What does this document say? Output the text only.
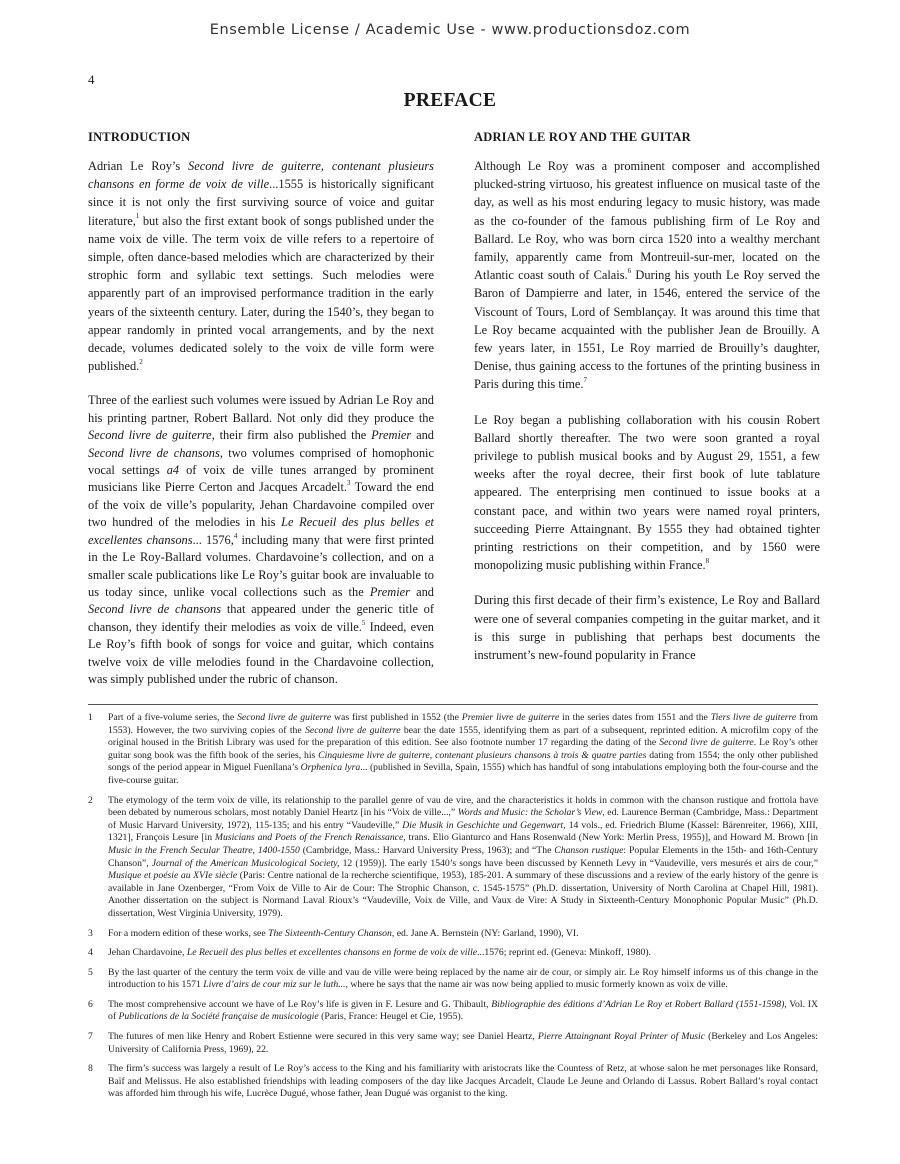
Ensemble License / Academic Use - www.productionsdoz.com
4
PREFACE
INTRODUCTION

Adrian Le Roy’s Second livre de guiterre, contenant plusieurs chansons en forme de voix de ville...1555 is historically significant since it is not only the first surviving source of voice and guitar literature,$^1$ but also the first extant book of songs published under the name voix de ville. The term voix de ville refers to a repertoire of simple, often dance-based melodies which are characterized by their strophic form and syllabic text settings. Such melodies were apparently part of an improvised performance tradition in the early years of the sixteenth century. Later, during the 1540’s, they began to appear randomly in printed vocal arrangements, and by the next decade, volumes dedicated solely to the voix de ville form were published.$^2$

Three of the earliest such volumes were issued by Adrian Le Roy and his printing partner, Robert Ballard. Not only did they produce the Second livre de guiterre, their firm also published the Premier and Second livre de chansons, two volumes comprised of homophonic vocal settings a4 of voix de ville tunes arranged by prominent musicians like Pierre Certon and Jacques Arcadelt.$^3$ Toward the end of the voix de ville’s popularity, Jehan Chardavoine compiled over two hundred of the melodies in his Le Recueil des plus belles et excellentes chansons... 1576,$^4$ including many that were first printed in the Le Roy-Ballard volumes. Chardavoine’s collection, and on a smaller scale publications like Le Roy’s guitar book are invaluable to us today since, unlike vocal collections such as the Premier and Second livre de chansons that appeared under the generic title of chanson, they identify their melodies as voix de ville.$^5$ Indeed, even Le Roy’s fifth book of songs for voice and guitar, which contains twelve voix de ville melodies found in the Chardavoine collection, was simply published under the rubric of chanson.

ADRIAN LE ROY AND THE GUITAR

Although Le Roy was a prominent composer and accomplished plucked-string virtuoso, his greatest influence on musical taste of the day, as well as his most enduring legacy to music history, was made as the co-founder of the famous publishing firm of Le Roy and Ballard. Le Roy, who was born circa 1520 into a wealthy merchant family, apparently came from Montreuil-sur-mer, located on the Atlantic coast south of Calais.$^6$ During his youth Le Roy served the Baron of Dampierre and later, in 1546, entered the service of the Viscount of Tours, Lord of Semblançay. It was around this time that Le Roy became acquainted with the publisher Jean de Brouilly. A few years later, in 1551, Le Roy married de Brouilly’s daughter, Denise, thus gaining access to the fortunes of the printing business in Paris during this time.$^7$

Le Roy began a publishing collaboration with his cousin Robert Ballard shortly thereafter. The two were soon granted a royal privilege to publish musical books and by August 29, 1551, a few weeks after the royal decree, their first book of lute tablature appeared. The enterprising men continued to issue books at a constant pace, and within two years were named royal printers, succeeding Pierre Attaingnant. By 1555 they had obtained tighter printing restrictions on their competition, and by 1560 were monopolizing music publishing within France.$^8$

During this first decade of their firm’s existence, Le Roy and Ballard were one of several companies competing in the guitar market, and it is this surge in publishing that perhaps best documents the instrument’s new-found popularity in France

1	Part of a five-volume series, the Second livre de guiterre was first published in 1552 (the Premier livre de guiterre in the series dates from 1551 and the Tiers livre de guiterre from 1553). However, the two surviving copies of the Second livre de guiterre bear the date 1555, identifying them as part of a subsequent, reprinted edition. A microfilm copy of the original housed in the British Library was used for the preparation of this edition. See also footnote number 17 regarding the dating of the Second livre de guiterre. Le Roy’s other guitar song book was the fifth book of the series, his Cinquiesme livre de guiterre, contenant plusieurs chansons à trois & quatre parties dating from 1554; the only other published songs of the period appear in Miguel Fuenllana’s Orphenica lyra... (published in Sevilla, Spain, 1555) which has handful of song intabulations employing both the four-course and the five-course guitar.
2	The etymology of the term voix de ville, its relationship to the parallel genre of vau de vire, and the characteristics it holds in common with the chanson rustique and frottola have been debated by numerous scholars, most notably Daniel Heartz [in his “Voix de ville...,” Words and Music: the Scholar’s View, ed. Laurence Berman (Cambridge, Mass.: Department of Music Harvard University, 1972), 115-135; and his entry “Vaudeville,” Die Musik in Geschichte und Gegenwart, 14 vols., ed. Friedrich Blume (Kassel: Bärenreiter, 1966), XIII, 1321], François Lesure [in Musicians and Poets of the French Renaissance, trans. Elio Gianturco and Hans Rosenwald (New York: Merlin Press, 1955)], and Howard M. Brown [in Music in the French Secular Theatre, 1400-1550 (Cambridge, Mass.: Harvard University Press, 1963); and “The Chanson rustique: Popular Elements in the 15th- and 16th-Century Chanson”, Journal of the American Musicological Society, 12 (1959)]. The early 1540’s songs have been discussed by Kenneth Levy in “Vaudeville, vers mesurés et airs de cour,” Musique et poésie au XVIe siècle (Paris: Centre national de la recherche scientifique, 1953), 185-201. A summary of these discussions and a review of the early history of the genre is available in Jane Ozenberger, “From Voix de Ville to Air de Cour: The Strophic Chanson, c. 1545-1575” (Ph.D. dissertation, University of North Carolina at Chapel Hill, 1981). Another dissertation on the subject is Normand Laval Rioux’s “Vaudeville, Voix de Ville, and Vaux de Vire: A Study in Sixteenth-Century Monophonic Popular Music” (Ph.D. dissertation, West Virginia University, 1979).
3	For a modern edition of these works, see The Sixteenth-Century Chanson, ed. Jane A. Bernstein (NY: Garland, 1990), VI.
4	Jehan Chardavoine, Le Recueil des plus belles et excellentes chansons en forme de voix de ville...1576; reprint ed. (Geneva: Minkoff, 1980).
5	By the last quarter of the century the term voix de ville and vau de ville were being replaced by the name air de cour, or simply air. Le Roy himself informs us of this change in the introduction to his 1571 Livre d’airs de cour miz sur le luth..., where he says that the name air was now being applied to music formerly known as voix de ville.
6	The most comprehensive account we have of Le Roy’s life is given in F. Lesure and G. Thibault, Bibliographie des éditions d’Adrian Le Roy et Robert Ballard (1551-1598), Vol. IX of Publications de la Société française de musicologie (Paris, France: Heugel et Cie, 1955).
7	The futures of men like Henry and Robert Estienne were secured in this very same way; see Daniel Heartz, Pierre Attaingnant Royal Printer of Music (Berkeley and Los Angeles: University of California Press, 1969), 22.
8	The firm’s success was largely a result of Le Roy’s access to the King and his familiarity with aristocrats like the Countess of Retz, at whose salon he met personages like Ronsard, Baïf and Melissus. He also established friendships with leading composers of the day like Jacques Arcadelt, Claude Le Jeune and Orlando di Lassus. Robert Ballard’s royal contact was afforded him through his wife, Lucrèce Dugué, whose father, Jean Dugué was organist to the king.
